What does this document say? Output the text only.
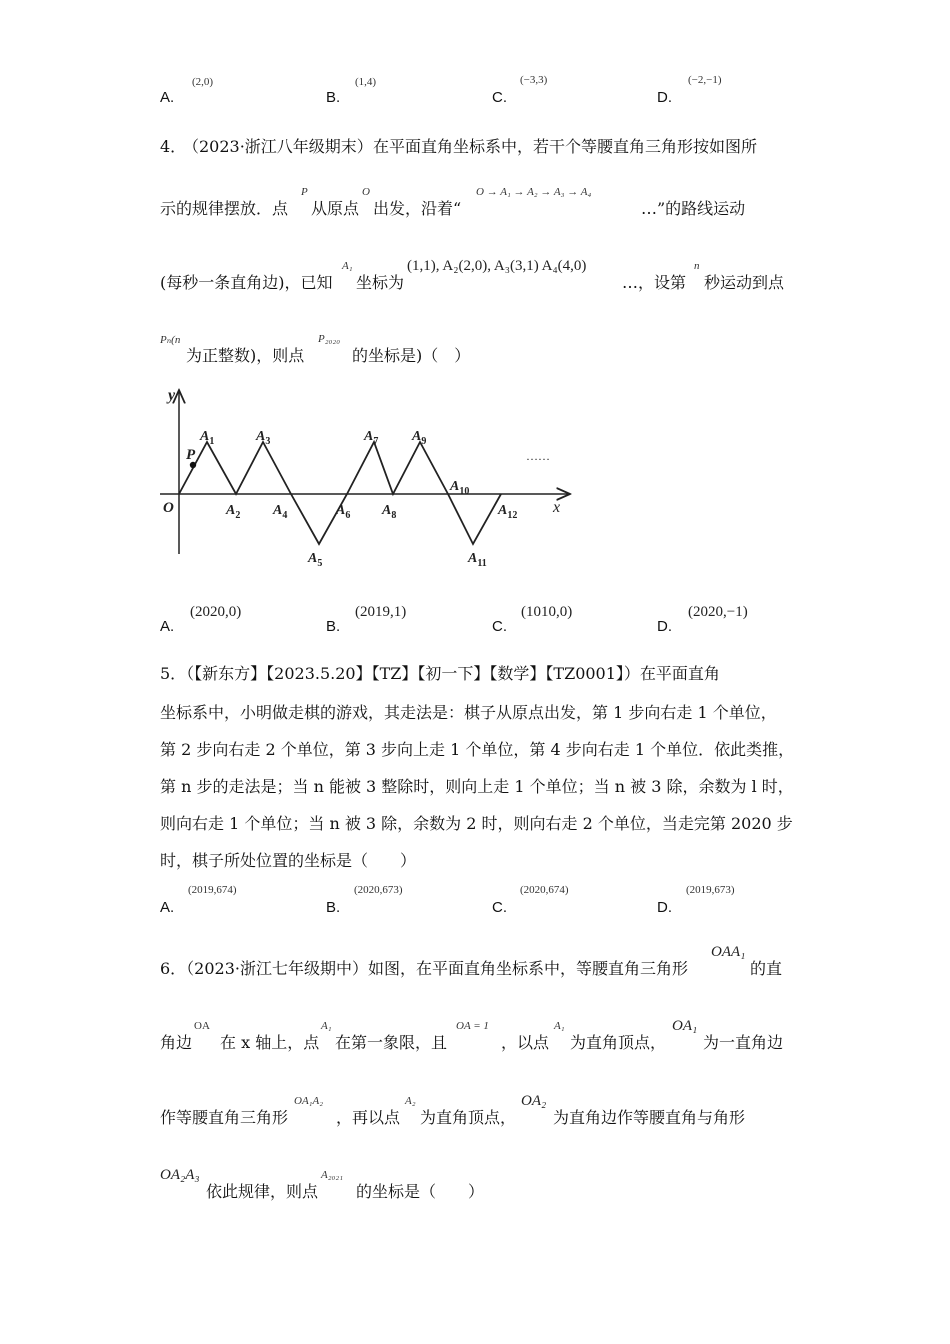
A.
(2,0)
B.
(1,4)
C.
(−3,3)
D.
(−2,−1)
4．
（2023·浙江八年级期末） 在平面直角坐标系中，若干个等腰直角三角形按如图所
示的规律摆放．点
P
从原点
O
出发，沿着“
O → A₁ → A₂ → A₃ → A₄
…”的路线运动
(每秒一条直角边)，已知
A₁
坐标为
(1,1), A₂(2,0), A₃(3,1) A₄(4,0)
…，设第
n
秒运动到点
Pₙ(n
为正整数)，则点
P₂₀₂₀
的坐标是)（　）
y
x
O
P	……
$A_1$
$A_2$
$A_3$
$A_4$
$A_5$
$A_6$
$A_7$
$A_8$
$A_9$
$A_{10}$
$A_{11}$
$A_{12}$
A.
(2020,0)
B.
(2019,1)
C.
(1010,0)
D.
(2020,−1)
5．（【新东方】【2023.5.20】【TZ】【初一下】【数学】【TZ0001】）在平面直角
坐标系中，小明做走棋的游戏，其走法是：棋子从原点出发，第 1 步向右走 1 个单位，
第 2 步向右走 2 个单位，第 3 步向上走 1 个单位，第 4 步向右走 1 个单位．依此类推，
第 n 步的走法是；当 n 能被 3 整除时，则向上走 1 个单位；当 n 被 3 除，余数为 l 时，
则向右走 1 个单位；当 n 被 3 除，余数为 2 时，则向右走 2 个单位，当走完第 2020 步
时，棋子所处位置的坐标是（　　）
A.
(2019,674)
B.
(2020,673)
C.
(2020,674)
D.
(2019,673)
6．（2023·浙江七年级期中）如图，在平面直角坐标系中，等腰直角三角形
OAA₁
的直
角边
OA
在 x 轴上，点
A₁
在第一象限，且
OA = 1
，以点
A₁
为直角顶点，
OA₁
为一直角边
作等腰直角三角形
OA₁A₂
，再以点
A₂
为直角顶点，
OA₂
为直角边作等腰直角与角形
OA₂A₃
依此规律，则点
A₂₀₂₁
的坐标是（　　）
